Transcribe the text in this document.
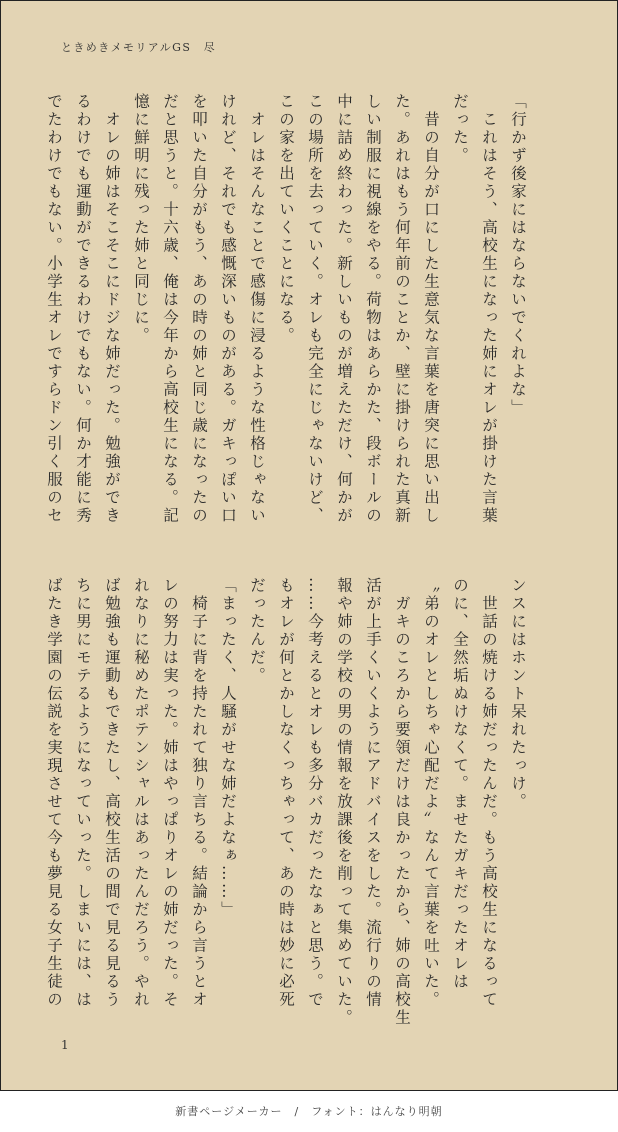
ときめきメモリアルGS　尽
「行かず後家にはならないでくれよな」
　これはそう、高校生になった姉にオレが掛けた言葉
だった。
　昔の自分が口にした生意気な言葉を唐突に思い出し
た。あれはもう何年前のことか、壁に掛けられた真新
しい制服に視線をやる。荷物はあらかた、段ボールの
中に詰め終わった。新しいものが増えただけ、何かが
この場所を去っていく。オレも完全にじゃないけど、
この家を出ていくことになる。
　オレはそんなことで感傷に浸るような性格じゃない
けれど、それでも感慨深いものがある。ガキっぽい口
を叩いた自分がもう、あの時の姉と同じ歳になったの
だと思うと。十六歳、俺は今年から高校生になる。記
憶に鮮明に残った姉と同じに。
　オレの姉はそこそこにドジな姉だった。勉強ができ
るわけでも運動ができるわけでもない。何か才能に秀
でたわけでもない。小学生オレですらドン引く服のセ
ンスにはホント呆れたっけ。
　世話の焼ける姉だったんだ。もう高校生になるって
のに、全然垢ぬけなくて。ませたガキだったオレは
〝弟のオレとしちゃ心配だよ〟なんて言葉を吐いた。
　ガキのころから要領だけは良かったから、姉の高校生
活が上手くいくようにアドバイスをした。流行りの情
報や姉の学校の男の情報を放課後を削って集めていた。
……今考えるとオレも多分バカだったなぁと思う。で
もオレが何とかしなくっちゃって、あの時は妙に必死
だったんだ。
「まったく、人騒がせな姉だよなぁ……」
　椅子に背を持たれて独り言ちる。結論から言うとオ
レの努力は実った。姉はやっぱりオレの姉だった。そ
れなりに秘めたポテンシャルはあったんだろう。やれ
ば勉強も運動もできたし、高校生活の間で見る見るう
ちに男にモテるようになっていった。しまいには、は
ばたき学園の伝説を実現させて今も夢見る女子生徒の
1
新書ページメーカー　/　フォント：はんなり明朝
